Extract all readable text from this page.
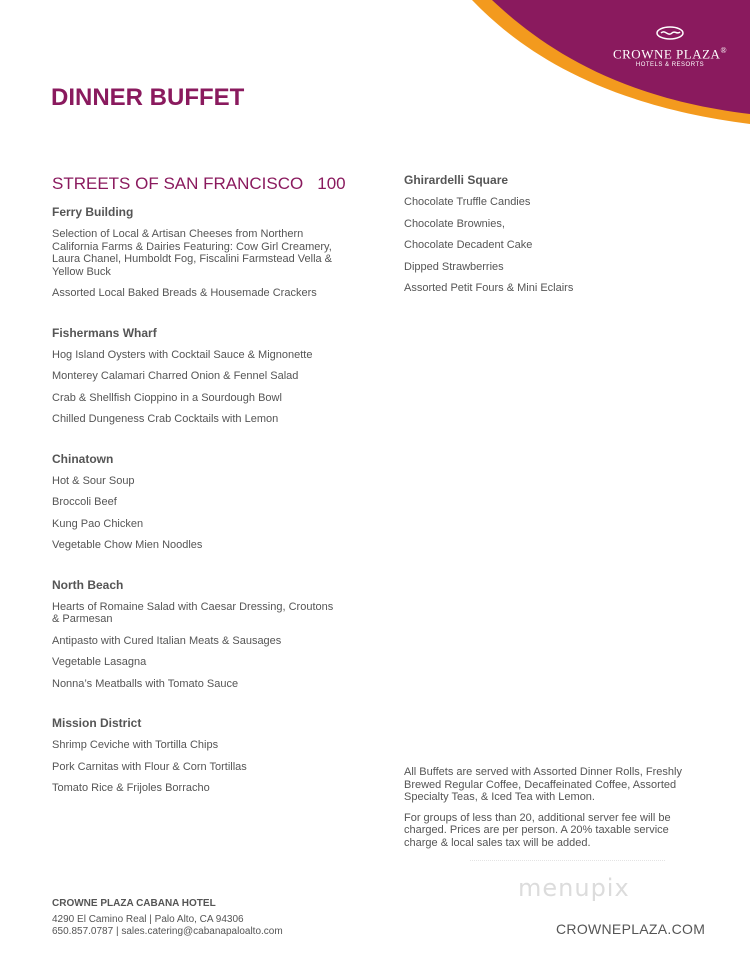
CROWNE PLAZA®
HOTELS & RESORTS
DINNER BUFFET
STREETS OF SAN FRANCISCO 100
Ferry Building
Selection of Local & Artisan Cheeses from Northern California Farms & Dairies Featuring: Cow Girl Creamery, Laura Chanel, Humboldt Fog, Fiscalini Farmstead Vella & Yellow Buck
Assorted Local Baked Breads & Housemade Crackers
Fishermans Wharf
Hog Island Oysters with Cocktail Sauce & Mignonette
Monterey Calamari Charred Onion & Fennel Salad
Crab & Shellfish Cioppino in a Sourdough Bowl
Chilled Dungeness Crab Cocktails with Lemon
Chinatown
Hot & Sour Soup
Broccoli Beef
Kung Pao Chicken
Vegetable Chow Mien Noodles
North Beach
Hearts of Romaine Salad with Caesar Dressing, Croutons & Parmesan
Antipasto with Cured Italian Meats & Sausages
Vegetable Lasagna
Nonna’s Meatballs with Tomato Sauce
Mission District
Shrimp Ceviche with Tortilla Chips
Pork Carnitas with Flour & Corn Tortillas
Tomato Rice & Frijoles Borracho
Ghirardelli Square
Chocolate Truffle Candies
Chocolate Brownies,
Chocolate Decadent Cake
Dipped Strawberries
Assorted Petit Fours & Mini Eclairs
All Buffets are served with Assorted Dinner Rolls, Freshly Brewed Regular Coffee, Decaffeinated Coffee, Assorted Specialty Teas, & Iced Tea with Lemon.
For groups of less than 20, additional server fee will be charged. Prices are per person. A 20% taxable service charge & local sales tax will be added.
menupix
CROWNE PLAZA CABANA HOTEL
4290 El Camino Real | Palo Alto, CA 94306
650.857.0787 | sales.catering@cabanapaloalto.com	CROWNEPLAZA.COM
